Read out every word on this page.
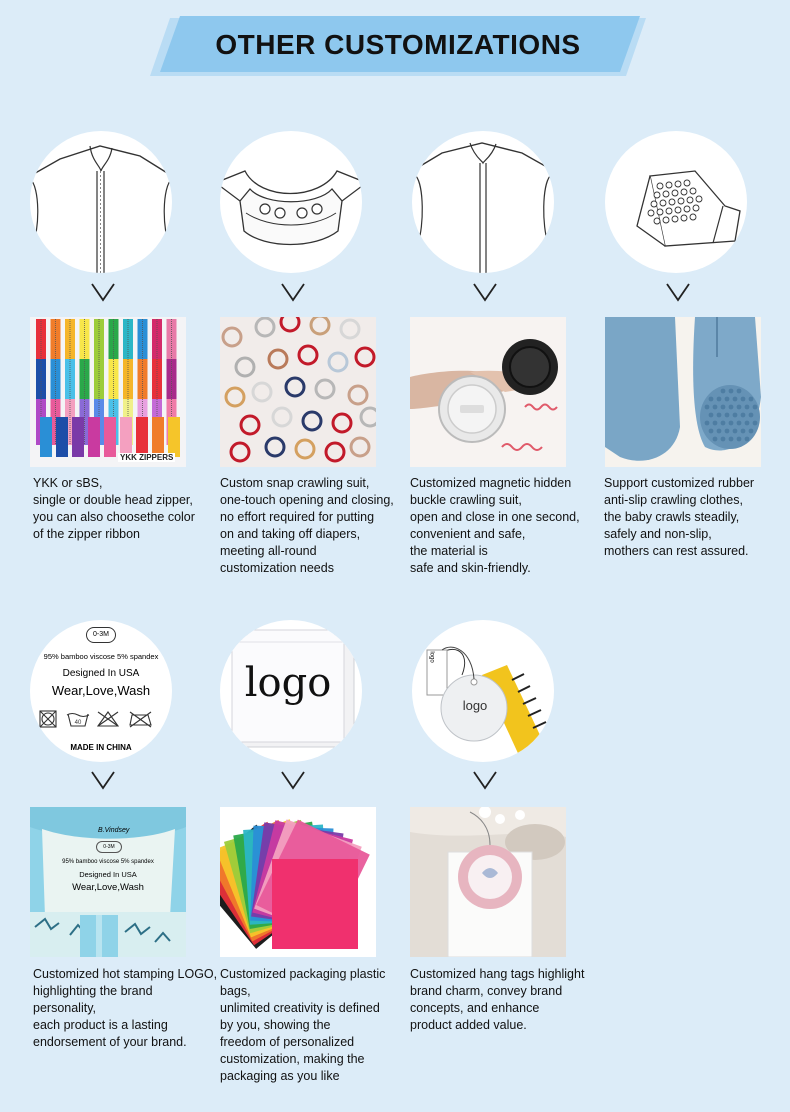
OTHER CUSTOMIZATIONS
YKK ZIPPERS
YKK or sBS,
single or double head zipper,
you can also choosethe color
of the zipper ribbon
Custom snap crawling suit,
one-touch opening and closing,
no effort required for putting
on and taking off diapers,
meeting all-round
customization needs
Customized magnetic hidden
buckle crawling suit,
open and close in one second,
convenient and safe,
the material is
safe and skin-friendly.
Support customized rubber
anti-slip crawling clothes,
the baby crawls steadily,
safely and non-slip,
mothers can rest assured.
0-3M
95% bamboo viscose 5% spandex
Designed In USA
Wear,Love,Wash
40
MADE IN CHINA
logo	logo
logo
B.Vindsey
0-3M
95% bamboo viscose 5% spandex
Designed In USA
Wear,Love,Wash
Customized hot stamping LOGO,
highlighting the brand personality,
each product is a lasting
endorsement of your brand.
Customized packaging plastic bags,
unlimited creativity is defined
by you, showing the
freedom of personalized
customization, making the
packaging as you like
Customized hang tags highlight
brand charm, convey brand
concepts, and enhance
product added value.
